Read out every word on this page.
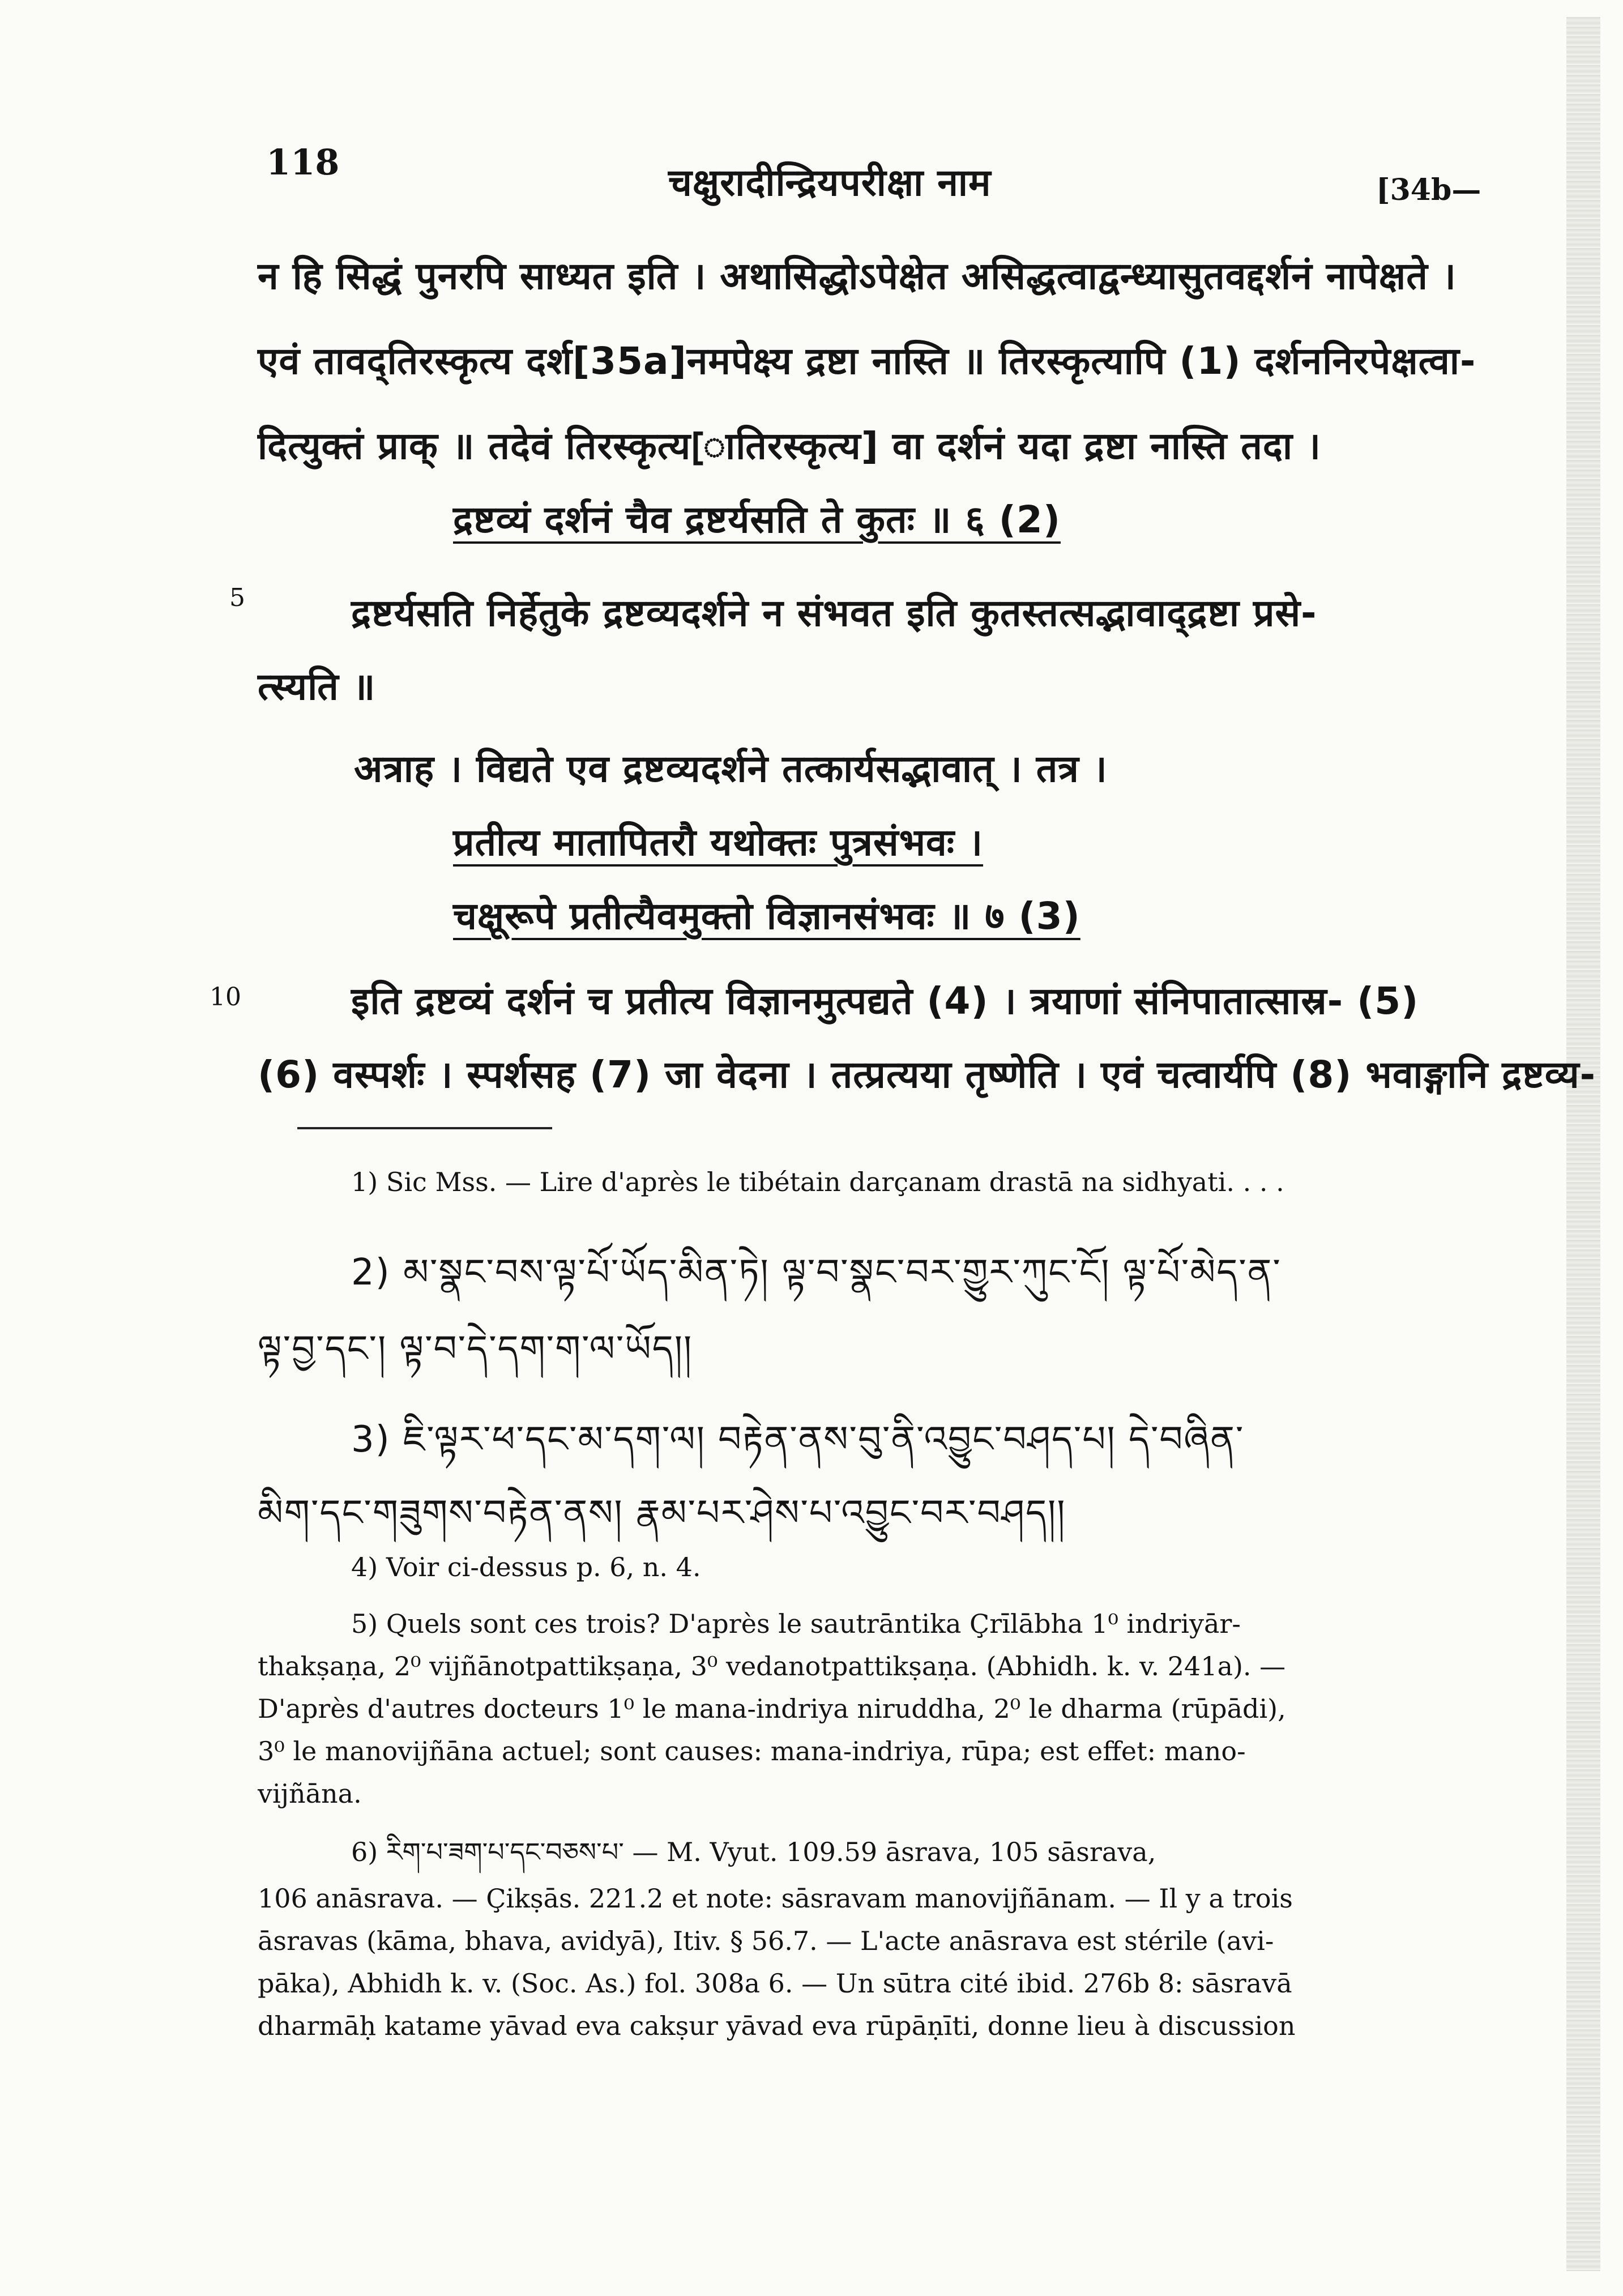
118	चक्षुरादीन्द्रियपरीक्षा नाम	[34b—
न हि सिद्धं पुनरपि साध्यत इति । अथासिद्धोऽपेक्षेत असिद्धत्वाद्वन्ध्यासुतवद्दर्शनं नापेक्षते ।
एवं तावद्तिरस्कृत्य दर्श[35a]नमपेक्ष्य द्रष्टा नास्ति ॥ तिरस्कृत्यापि (1) दर्शननिरपेक्षत्वा-
दित्युक्तं प्राक् ॥ तदेवं तिरस्कृत्य[ातिरस्कृत्य] वा दर्शनं यदा द्रष्टा नास्ति तदा ।
द्रष्टव्यं दर्शनं चैव द्रष्टर्यसति ते कुतः ॥ ६ (2)
5	द्रष्टर्यसति निर्हेतुके द्रष्टव्यदर्शने न संभवत इति कुतस्तत्सद्भावाद्द्रष्टा प्रसे-
त्स्यति ॥
अत्राह । विद्यते एव द्रष्टव्यदर्शने तत्कार्यसद्भावात् । तत्र ।
प्रतीत्य मातापितरौ यथोक्तः पुत्रसंभवः ।
चक्षूरूपे प्रतीत्यैवमुक्तो विज्ञानसंभवः ॥ ७ (3)
10	इति द्रष्टव्यं दर्शनं च प्रतीत्य विज्ञानमुत्पद्यते (4) । त्रयाणां संनिपातात्सास्र- (5)
(6) वस्पर्शः । स्पर्शसह (7) जा वेदना । तत्प्रत्यया तृष्णेति । एवं चत्वार्यपि (8) भवाङ्गानि द्रष्टव्य-
1) Sic Mss. — Lire d'après le tibétain darçanam drastā na sidhyati. . . .
2) མ་སྣང་བས་ལྟ་པོ་ཡོད་མིན་ཏེ། ལྟ་བ་སྣང་བར་གྱུར་ཀུང་ངོ། ལྟ་པོ་མེད་ན་
ལྟ་བྱ་དང་། ལྟ་བ་དེ་དག་ག་ལ་ཡོད།།
3) ཇི་ལྟར་ཕ་དང་མ་དག་ལ། བརྟེན་ནས་བུ་ནི་འབྱུང་བཤད་པ། དེ་བཞིན་
མིག་དང་གཟུགས་བརྟེན་ནས། རྣམ་པར་ཤེས་པ་འབྱུང་བར་བཤད།།
4) Voir ci-dessus p. 6, n. 4.
5) Quels sont ces trois? D'après le sautrāntika Çrīlābha 1⁰ indriyār-
thakṣaṇa, 2⁰ vijñānotpattikṣaṇa, 3⁰ vedanotpattikṣaṇa. (Abhidh. k. v. 241a). —
D'après d'autres docteurs 1⁰ le mana-indriya niruddha, 2⁰ le dharma (rūpādi),
3⁰ le manovijñāna actuel; sont causes: mana-indriya, rūpa; est effet: mano-
vijñāna.
6) རིག་པ་ཟག་པ་དང་བཅས་པ་ — M. Vyut. 109.59 āsrava, 105 sāsrava,
106 anāsrava. — Çikṣās. 221.2 et note: sāsravam manovijñānam. — Il y a trois
āsravas (kāma, bhava, avidyā), Itiv. § 56.7. — L'acte anāsrava est stérile (avi-
pāka), Abhidh k. v. (Soc. As.) fol. 308a 6. — Un sūtra cité ibid. 276b 8: sāsravā
dharmāḥ katame yāvad eva cakṣur yāvad eva rūpāṇīti, donne lieu à discussion
